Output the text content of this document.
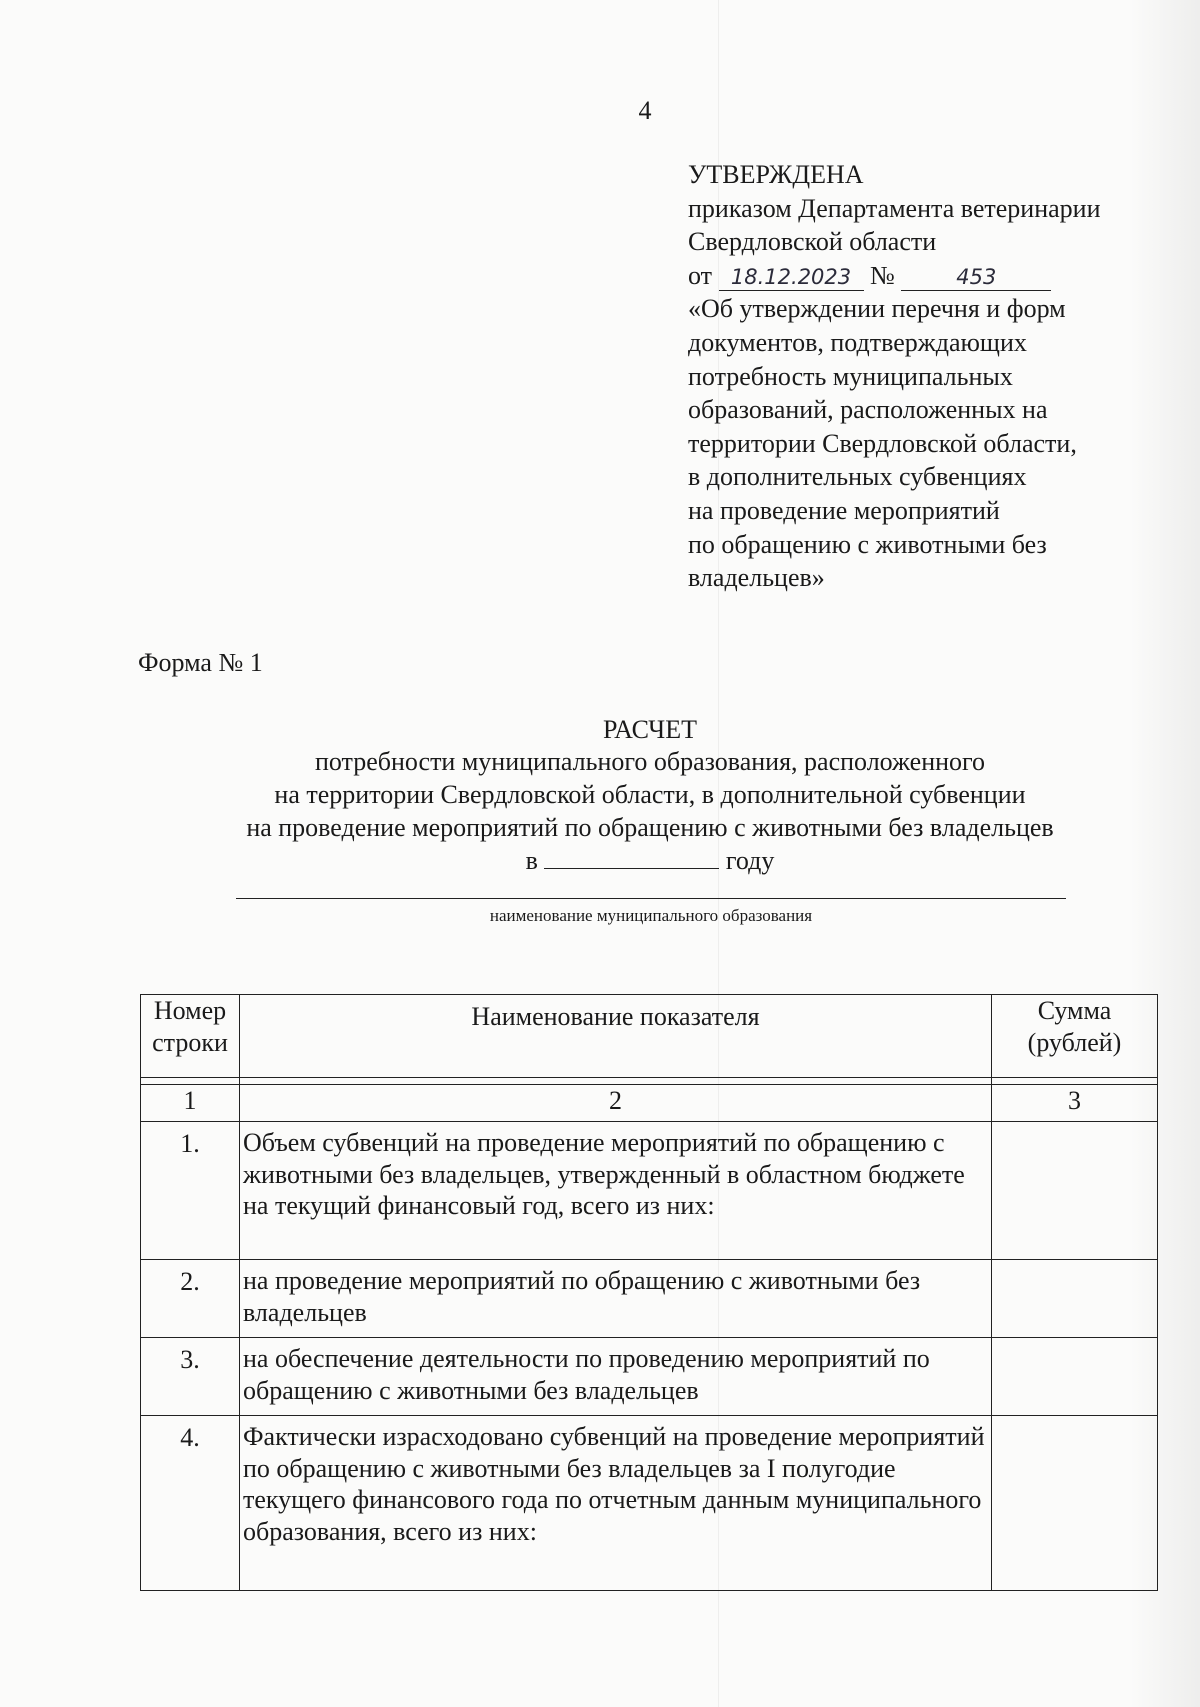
4
УТВЕРЖДЕНА
приказом Департамента ветеринарии
Свердловской области
от 18.12.2023 №	453
«Об утверждении перечня и форм
документов, подтверждающих
потребность муниципальных
образований, расположенных на
территории Свердловской области,
в дополнительных субвенциях
на проведение мероприятий
по обращению с животными без
владельцев»
Форма № 1
РАСЧЕТ
потребности муниципального образования, расположенного
на территории Свердловской области, в дополнительной субвенции
на проведение мероприятий по обращению с животными без владельцев
в	году
наименование муниципального образования
Номер строки	Наименование показателя	Сумма (рублей)

1	2	3
1.	Объем субвенций на проведение мероприятий по обращению с животными без владельцев, утвержденный в областном бюджете на текущий финансовый год, всего из них:	
2.	на проведение мероприятий по обращению с животными без владельцев	
3.	на обеспечение деятельности по проведению мероприятий по обращению с животными без владельцев	
4.	Фактически израсходовано субвенций на проведение мероприятий по обращению с животными без владельцев за I полугодие текущего финансового года по отчетным данным муниципального образования, всего из них:	
